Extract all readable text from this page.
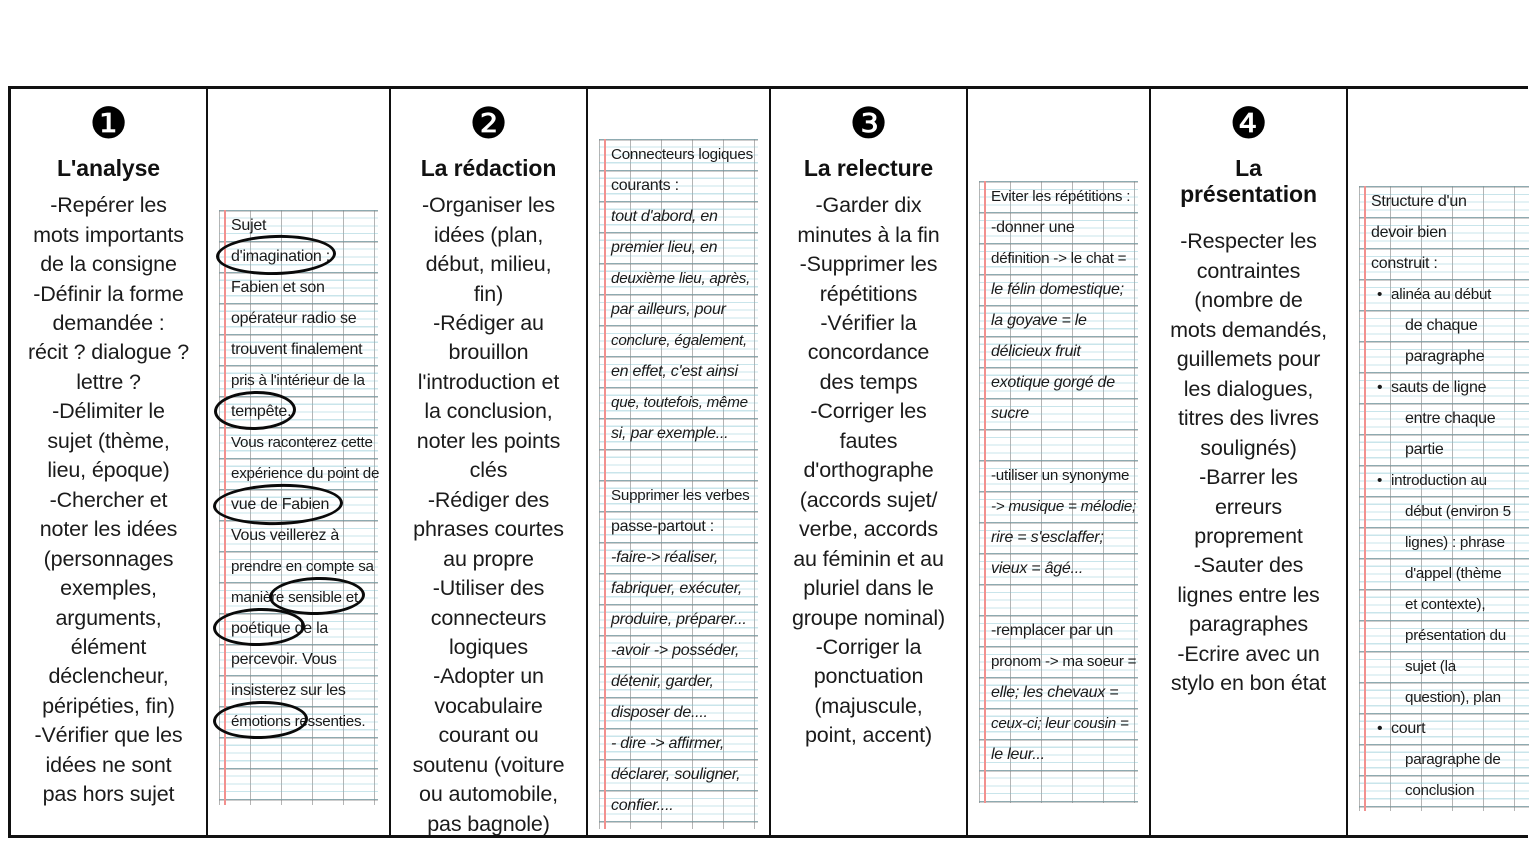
❶
L'analyse
-Repérer les
mots importants
de la consigne
-Définir la forme
demandée :
récit ? dialogue ?
lettre ?
-Délimiter le
sujet (thème,
lieu, époque)
-Chercher et
noter les idées
(personnages
exemples,
arguments,
élément
déclencheur,
péripéties, fin)
-Vérifier que les
idées ne sont
pas hors sujet
Sujet
d'imagination :
Fabien et son
opérateur radio se
trouvent finalement
pris à l'intérieur de la
tempête.
Vous raconterez cette
expérience du point de
vue de Fabien
Vous veillerez à
prendre en compte sa
manière sensible et
poétique de la
percevoir. Vous
insisterez sur les
émotions ressenties.
❷
La rédaction
-Organiser les
idées (plan,
début, milieu,
fin)
-Rédiger au
brouillon
l'introduction et
la conclusion,
noter les points
clés
-Rédiger des
phrases courtes
au propre
-Utiliser des
connecteurs
logiques
-Adopter un
vocabulaire
courant ou
soutenu (voiture
ou automobile,
pas bagnole)
Connecteurs logiques
courants :
tout d'abord, en
premier lieu, en
deuxième lieu, après,
par ailleurs, pour
conclure, également,
en effet, c'est ainsi
que, toutefois, même
si, par exemple...
Supprimer les verbes
passe-partout :
-faire-> réaliser,
fabriquer, exécuter,
produire, préparer...
-avoir -> posséder,
détenir, garder,
disposer de....
- dire -> affirmer,
déclarer, souligner,
confier....
❸
La relecture
-Garder dix
minutes à la fin
-Supprimer les
répétitions
-Vérifier la
concordance
des temps
-Corriger les
fautes
d'orthographe
(accords sujet/
verbe, accords
au féminin et au
pluriel dans le
groupe nominal)
-Corriger la
ponctuation
(majuscule,
point, accent)
Eviter les répétitions :
-donner une
définition -> le chat =
le félin domestique;
la goyave = le
délicieux fruit
exotique gorgé de
sucre
-utiliser un synonyme
-> musique = mélodie;
rire = s'esclaffer;
vieux = âgé...
-remplacer par un
pronom -> ma soeur =
elle; les chevaux =
ceux-ci; leur cousin =
le leur...
❹
La
présentation
-Respecter les
contraintes
(nombre de
mots demandés,
guillemets pour
les dialogues,
titres des livres
soulignés)
-Barrer les
erreurs
proprement
-Sauter des
lignes entre les
paragraphes
-Ecrire avec un
stylo en bon état
Structure d'un
devoir bien
construit :
• alinéa au début
de chaque
paragraphe
• sauts de ligne
entre chaque
partie
• introduction au
début (environ 5
lignes) : phrase
d'appel (thème
et contexte),
présentation du
sujet (la
question), plan
• court
paragraphe de
conclusion
